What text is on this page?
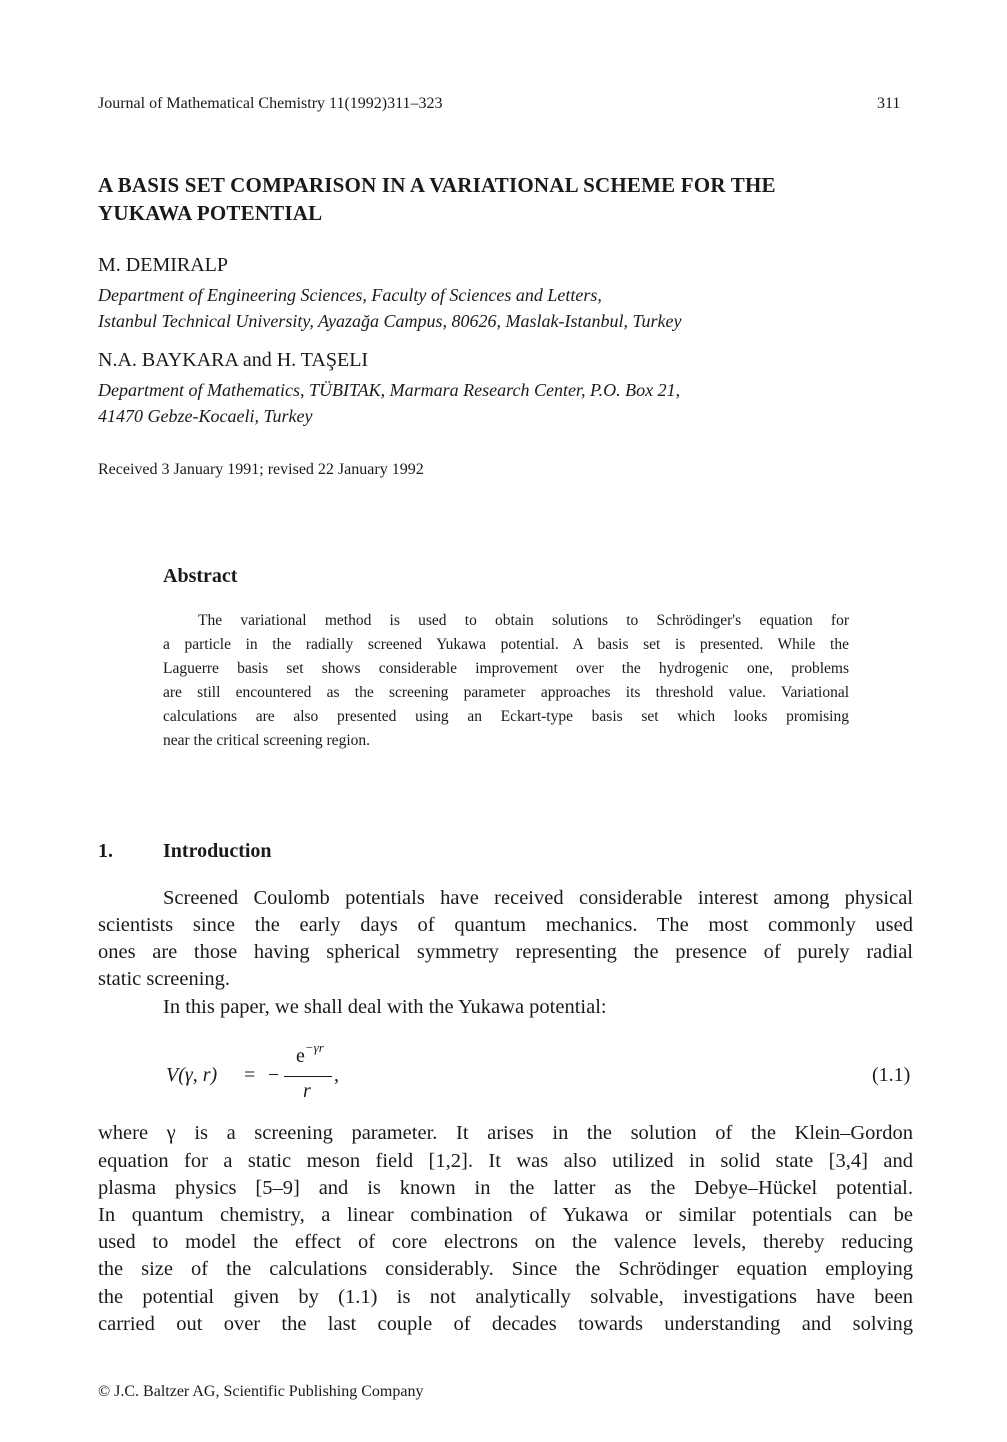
Journal of Mathematical Chemistry 11(1992)311–323	311
A BASIS SET COMPARISON IN A VARIATIONAL SCHEME FOR THE
YUKAWA POTENTIAL
M. DEMIRALP
Department of Engineering Sciences, Faculty of Sciences and Letters,
Istanbul Technical University, Ayazağa Campus, 80626, Maslak-Istanbul, Turkey
N.A. BAYKARA and H. TAŞELI
Department of Mathematics, TÜBITAK, Marmara Research Center, P.O. Box 21,
41470 Gebze-Kocaeli, Turkey
Received 3 January 1991; revised 22 January 1992
Abstract
The variational method is used to obtain solutions to Schrödinger's equation for
a particle in the radially screened Yukawa potential. A basis set is presented. While the
Laguerre basis set shows considerable improvement over the hydrogenic one, problems
are still encountered as the screening parameter approaches its threshold value. Variational
calculations are also presented using an Eckart-type basis set which looks promising
near the critical screening region.
1.	Introduction
Screened Coulomb potentials have received considerable interest among physical
scientists since the early days of quantum mechanics. The most commonly used
ones are those having spherical symmetry representing the presence of purely radial
static screening.
In this paper, we shall deal with the Yukawa potential:
V(γ, r) = −
$e^{-\gamma r}$
r
,	(1.1)
where γ is a screening parameter. It arises in the solution of the Klein–Gordon
equation for a static meson field [1,2]. It was also utilized in solid state [3,4] and
plasma physics [5–9] and is known in the latter as the Debye–Hückel potential.
In quantum chemistry, a linear combination of Yukawa or similar potentials can be
used to model the effect of core electrons on the valence levels, thereby reducing
the size of the calculations considerably. Since the Schrödinger equation employing
the potential given by (1.1) is not analytically solvable, investigations have been
carried out over the last couple of decades towards understanding and solving
© J.C. Baltzer AG, Scientific Publishing Company
